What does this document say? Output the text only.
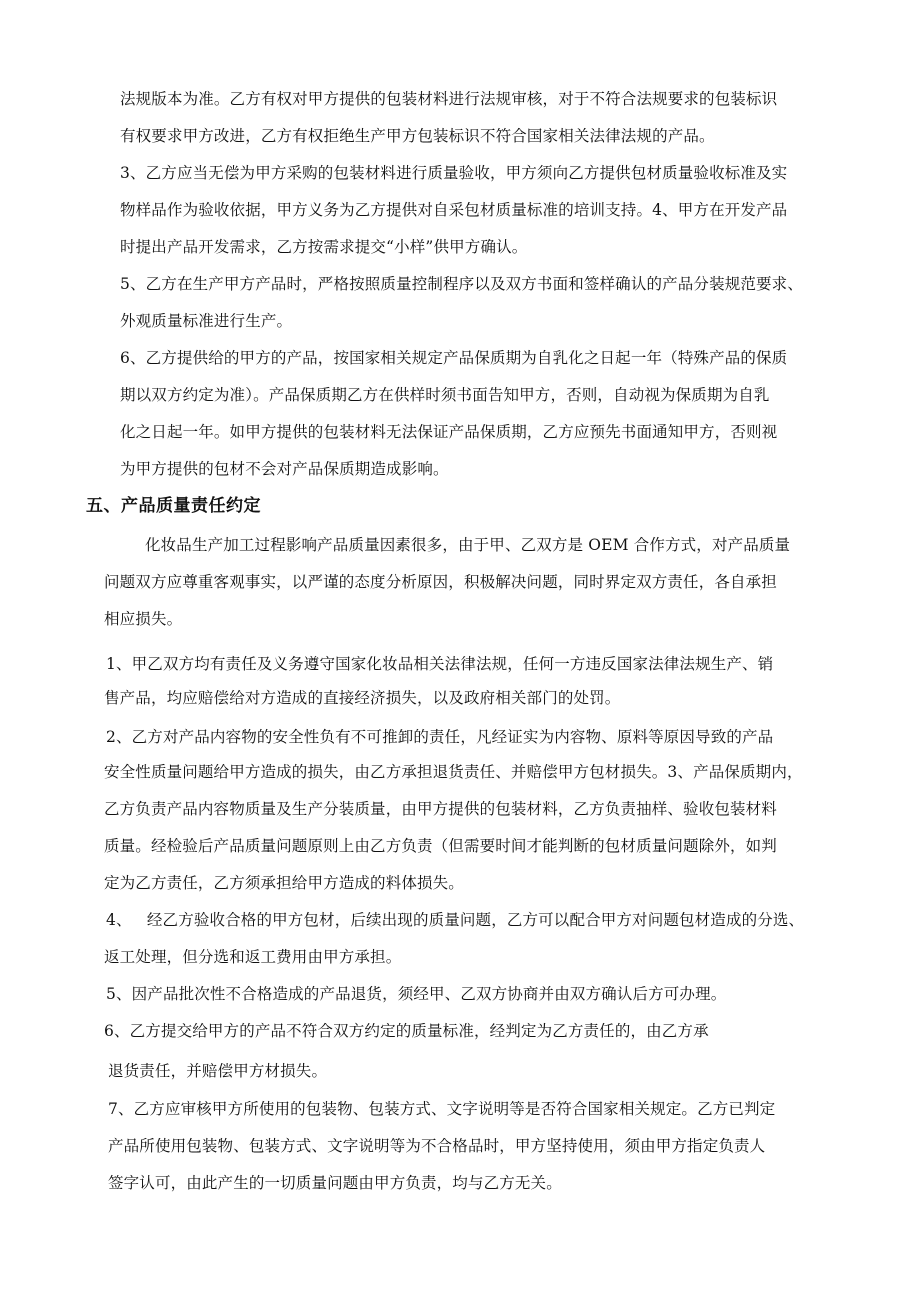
法规版本为准。乙方有权对甲方提供的包装材料进行法规审核，对于不符合法规要求的包装标识
有权要求甲方改进，乙方有权拒绝生产甲方包装标识不符合国家相关法律法规的产品。
3、乙方应当无偿为甲方采购的包装材料进行质量验收，甲方须向乙方提供包材质量验收标准及实
物样品作为验收依据，甲方义务为乙方提供对自采包材质量标准的培训支持。4、甲方在开发产品
时提出产品开发需求，乙方按需求提交“小样”供甲方确认。
5、乙方在生产甲方产品时，严格按照质量控制程序以及双方书面和签样确认的产品分装规范要求、
外观质量标准进行生产。
6、乙方提供给的甲方的产品，按国家相关规定产品保质期为自乳化之日起一年（特殊产品的保质
期以双方约定为准）。产品保质期乙方在供样时须书面告知甲方，否则，自动视为保质期为自乳
化之日起一年。如甲方提供的包装材料无法保证产品保质期，乙方应预先书面通知甲方，否则视
为甲方提供的包材不会对产品保质期造成影响。
五、产品质量责任约定
化妆品生产加工过程影响产品质量因素很多，由于甲、乙双方是 OEM 合作方式，对产品质量
问题双方应尊重客观事实，以严谨的态度分析原因，积极解决问题，同时界定双方责任，各自承担
相应损失。
1、甲乙双方均有责任及义务遵守国家化妆品相关法律法规，任何一方违反国家法律法规生产、销
售产品，均应赔偿给对方造成的直接经济损失，以及政府相关部门的处罚。
2、乙方对产品内容物的安全性负有不可推卸的责任，凡经证实为内容物、原料等原因导致的产品
安全性质量问题给甲方造成的损失，由乙方承担退货责任、并赔偿甲方包材损失。3、产品保质期内，
乙方负责产品内容物质量及生产分装质量，由甲方提供的包装材料，乙方负责抽样、验收包装材料
质量。经检验后产品质量问题原则上由乙方负责（但需要时间才能判断的包材质量问题除外，如判
定为乙方责任，乙方须承担给甲方造成的料体损失。
4、   经乙方验收合格的甲方包材，后续出现的质量问题，乙方可以配合甲方对问题包材造成的分选、
返工处理，但分选和返工费用由甲方承担。
5、因产品批次性不合格造成的产品退货，须经甲、乙双方协商并由双方确认后方可办理。
6、乙方提交给甲方的产品不符合双方约定的质量标准，经判定为乙方责任的，由乙方承
退货责任，并赔偿甲方材损失。
7、乙方应审核甲方所使用的包装物、包装方式、文字说明等是否符合国家相关规定。乙方已判定
产品所使用包装物、包装方式、文字说明等为不合格品时，甲方坚持使用，须由甲方指定负责人
签字认可，由此产生的一切质量问题由甲方负责，均与乙方无关。
